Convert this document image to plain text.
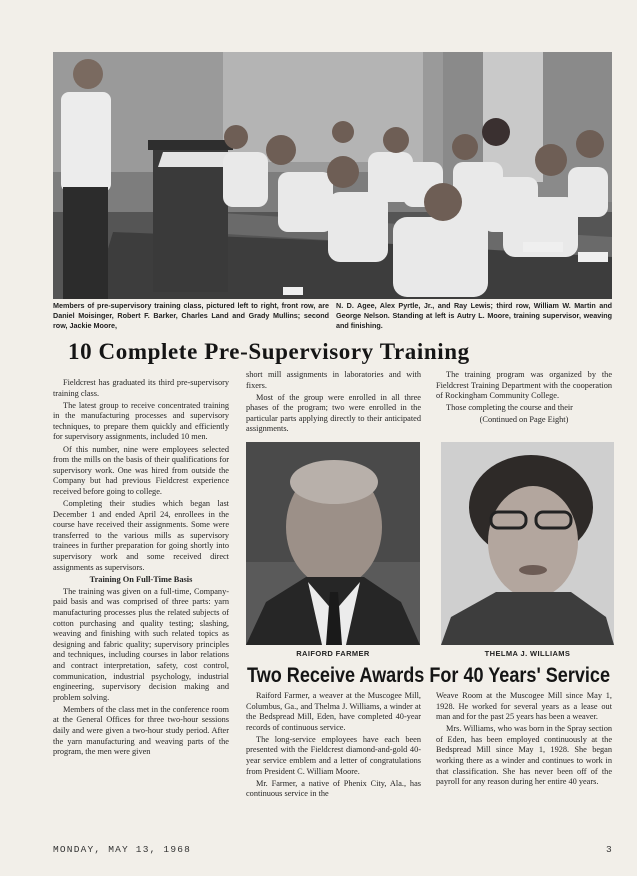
Members of pre-supervisory training class, pictured left to right, front row, are Daniel Moisinger, Robert F. Barker, Charles Land and Grady Mullins; second row, Jackie Moore,
N. D. Agee, Alex Pyrtle, Jr., and Ray Lewis; third row, William W. Martin and George Nelson. Standing at left is Autry L. Moore, training supervisor, weaving and finishing.
10 Complete Pre-Supervisory Training

Fieldcrest has graduated its third pre-supervisory training class.

The latest group to receive concentrated training in the manufacturing processes and supervisory techniques, to prepare them quickly and efficiently for supervisory assignments, included 10 men.

Of this number, nine were employees selected from the mills on the basis of their qualifications for supervisory work. One was hired from outside the Company but had previous Fieldcrest experience received before going to college.

Completing their studies which began last December 1 and ended April 24, enrollees in the course have received their assignments. Some were transferred to the various mills as supervisory trainees in further preparation for going shortly into supervisory work and some received direct assignments as supervisors.

Training On Full-Time Basis

The training was given on a full-time, Company-paid basis and was comprised of three parts: yarn manufacturing processes plus the related subjects of cotton purchasing and quality testing; slashing, weaving and finishing with such related topics as designing and fabric quality; supervisory principles and techniques, including courses in labor relations and contract interpretation, safety, cost control, communication, industrial psychology, industrial engineering, supervisory decision making and problem solving.

Members of the class met in the conference room at the General Offices for three two-hour sessions daily and were given a two-hour study period. After the yarn manufacturing and weaving parts of the program, the men were given

short mill assignments in laboratories and with fixers.

Most of the group were enrolled in all three phases of the program; two were enrolled in the particular parts applying directly to their anticipated assignments.

The training program was organized by the Fieldcrest Training Department with the cooperation of Rockingham Community College.

Those completing the course and their

(Continued on Page Eight)
RAIFORD FARMER	THELMA J. WILLIAMS
Two Receive Awards For 40 Years' Service

Raiford Farmer, a weaver at the Muscogee Mill, Columbus, Ga., and Thelma J. Williams, a winder at the Bedspread Mill, Eden, have completed 40-year records of continuous service.

The long-service employees have each been presented with the Fieldcrest diamond-and-gold 40-year service emblem and a letter of congratulations from President C. William Moore.

Mr. Farmer, a native of Phenix City, Ala., has continuous service in the

Weave Room at the Muscogee Mill since May 1, 1928. He worked for several years as a lease out man and for the past 25 years has been a weaver.

Mrs. Williams, who was born in the Spray section of Eden, has been employed continuously at the Bedspread Mill since May 1, 1928. She began working there as a winder and continues to work in that classification. She has never been off of the payroll for any reason during her entire 40 years.

MONDAY, MAY 13, 1968	3
